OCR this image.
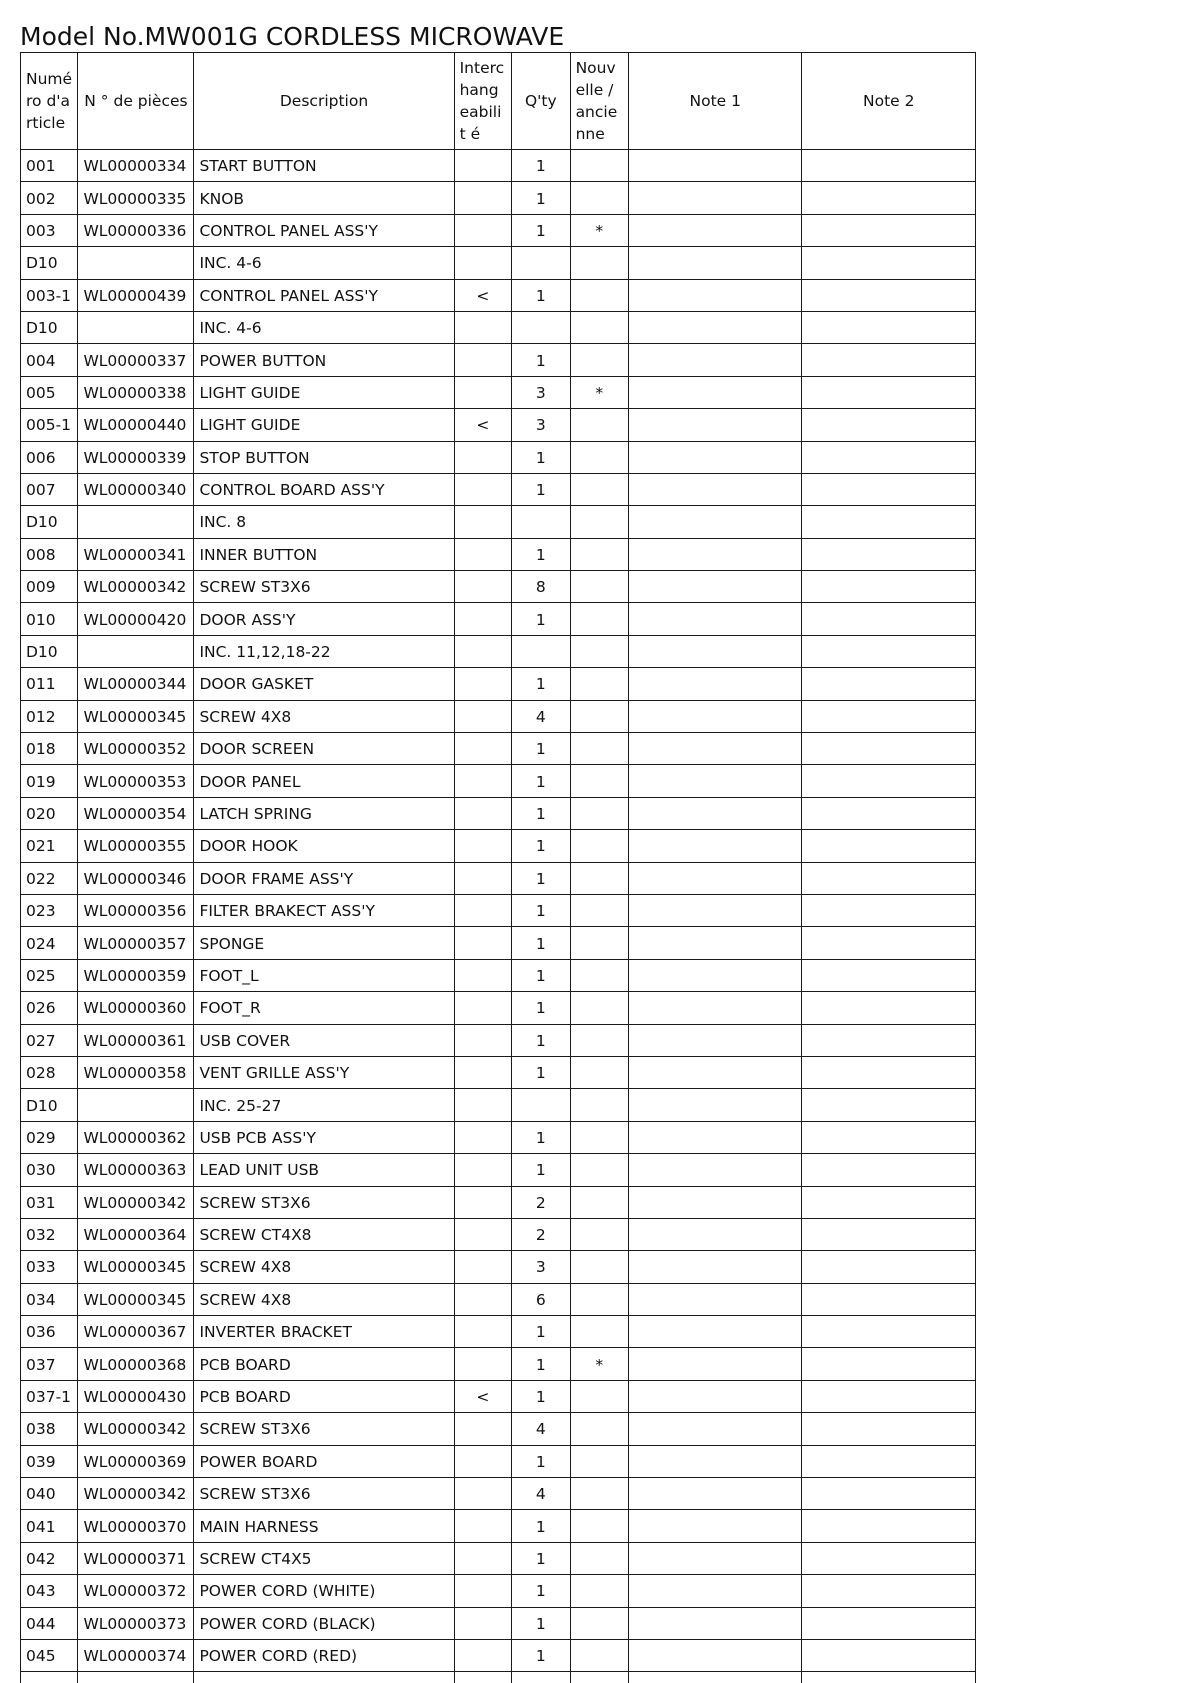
Model No.MW001G CORDLESS MICROWAVE
Numé ro d'a rticle	N ° de pièces	Description	Interc hang eabilit é	Q'ty	Nouv elle / ancie nne	Note 1	Note 2
001	WL00000334	START BUTTON		1			
002	WL00000335	KNOB		1			
003	WL00000336	CONTROL PANEL ASS'Y		1	*		
D10		INC. 4-6					
003-1	WL00000439	CONTROL PANEL ASS'Y	<	1			
D10		INC. 4-6					
004	WL00000337	POWER BUTTON		1			
005	WL00000338	LIGHT GUIDE		3	*		
005-1	WL00000440	LIGHT GUIDE	<	3			
006	WL00000339	STOP BUTTON		1			
007	WL00000340	CONTROL BOARD ASS'Y		1			
D10		INC. 8					
008	WL00000341	INNER BUTTON		1			
009	WL00000342	SCREW ST3X6		8			
010	WL00000420	DOOR ASS'Y		1			
D10		INC. 11,12,18-22					
011	WL00000344	DOOR GASKET		1			
012	WL00000345	SCREW 4X8		4			
018	WL00000352	DOOR SCREEN		1			
019	WL00000353	DOOR PANEL		1			
020	WL00000354	LATCH SPRING		1			
021	WL00000355	DOOR HOOK		1			
022	WL00000346	DOOR FRAME ASS'Y		1			
023	WL00000356	FILTER BRAKECT ASS'Y		1			
024	WL00000357	SPONGE		1			
025	WL00000359	FOOT_L		1			
026	WL00000360	FOOT_R		1			
027	WL00000361	USB COVER		1			
028	WL00000358	VENT GRILLE ASS'Y		1			
D10		INC. 25-27					
029	WL00000362	USB PCB ASS'Y		1			
030	WL00000363	LEAD UNIT USB		1			
031	WL00000342	SCREW ST3X6		2			
032	WL00000364	SCREW CT4X8		2			
033	WL00000345	SCREW 4X8		3			
034	WL00000345	SCREW 4X8		6			
036	WL00000367	INVERTER BRACKET		1			
037	WL00000368	PCB BOARD		1	*		
037-1	WL00000430	PCB BOARD	<	1			
038	WL00000342	SCREW ST3X6		4			
039	WL00000369	POWER BOARD		1			
040	WL00000342	SCREW ST3X6		4			
041	WL00000370	MAIN HARNESS		1			
042	WL00000371	SCREW CT4X5		1			
043	WL00000372	POWER CORD (WHITE)		1			
044	WL00000373	POWER CORD (BLACK)		1			
045	WL00000374	POWER CORD (RED)		1			
